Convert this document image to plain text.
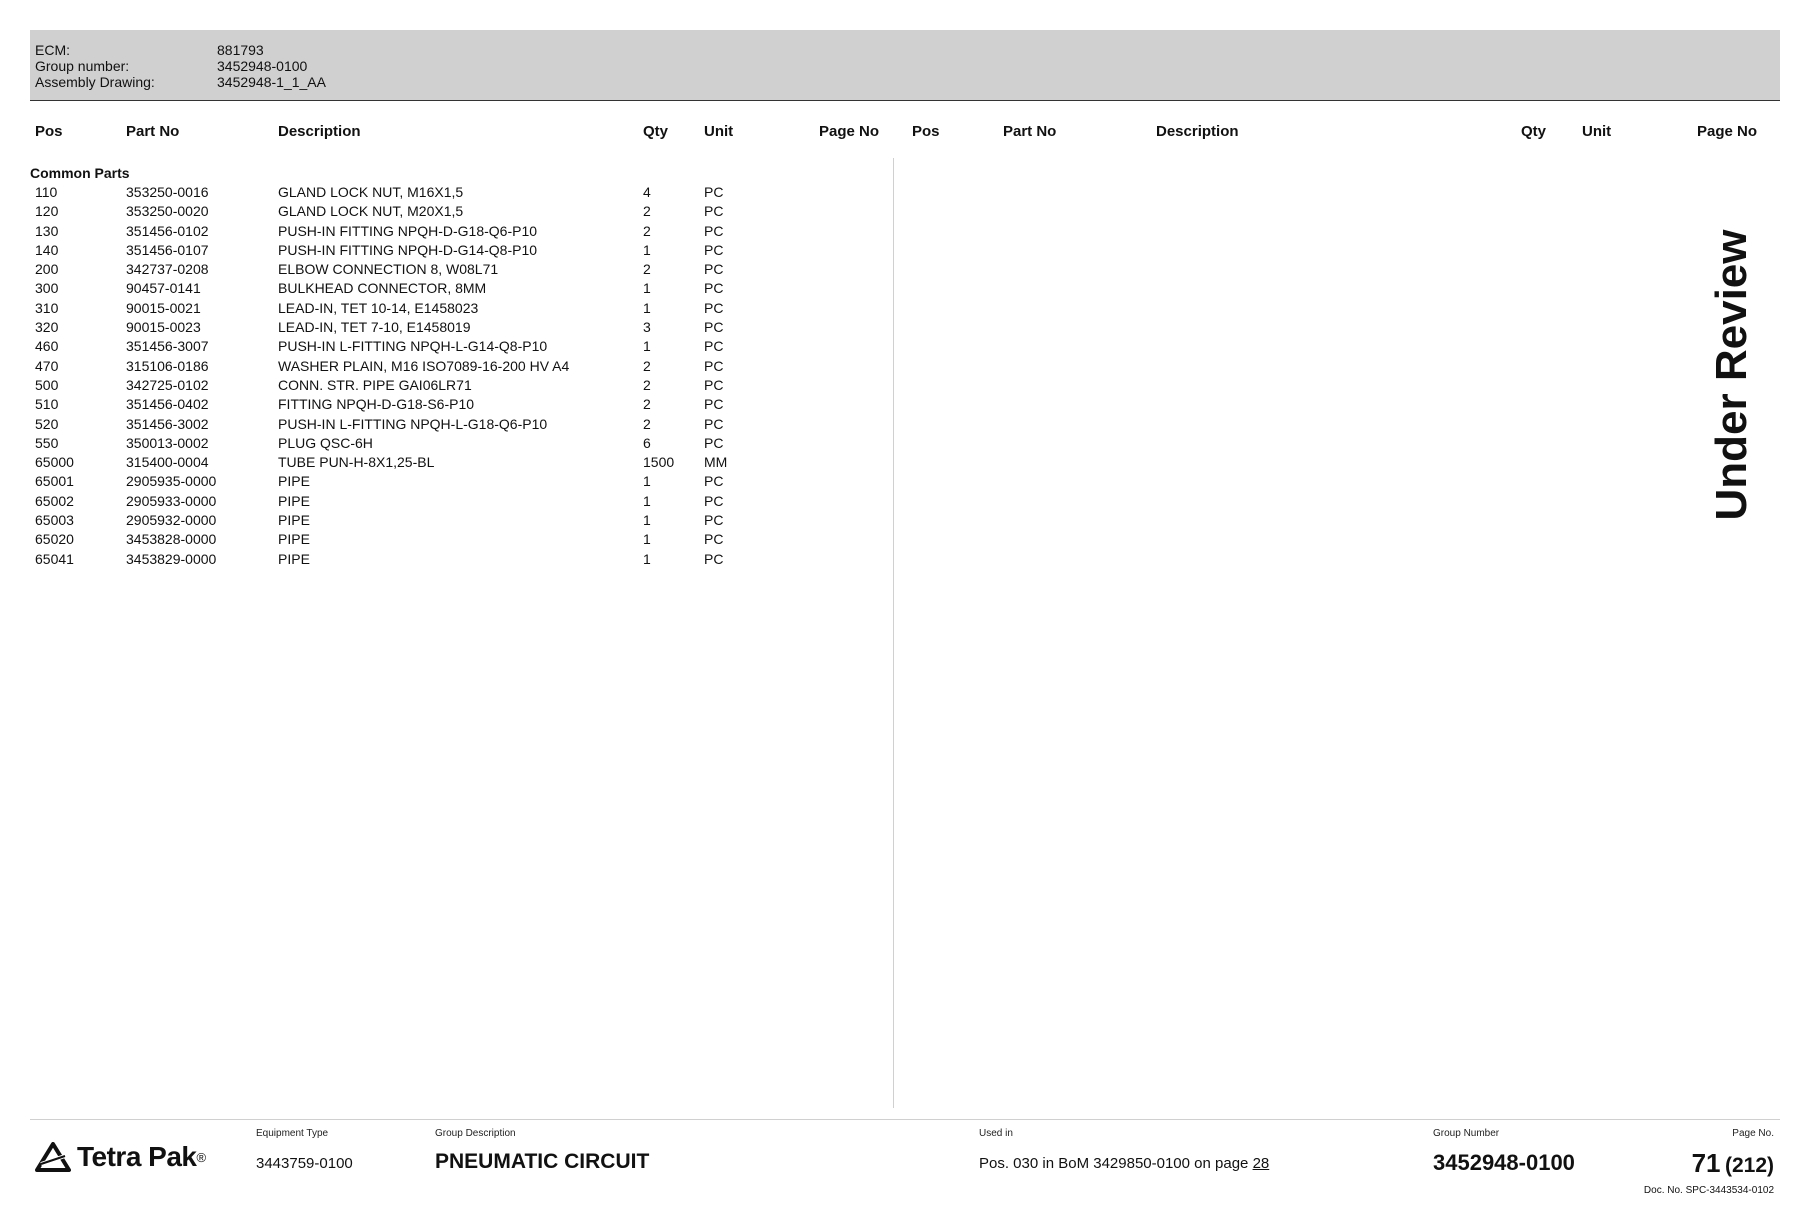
ECM:	881793
Group number:	3452948-0100
Assembly Drawing:	3452948-1_1_AA
Pos	Part No	Description	Qty Unit	Page No Pos	Part No	Description	Qty Unit	Page No
Common Parts
110	353250-0016	GLAND LOCK NUT, M16X1,5	4	PC
120	353250-0020	GLAND LOCK NUT, M20X1,5	2	PC
130	351456-0102	PUSH-IN FITTING NPQH-D-G18-Q6-P10	2	PC
140	351456-0107	PUSH-IN FITTING NPQH-D-G14-Q8-P10	1	PC
200	342737-0208	ELBOW CONNECTION 8, W08L71	2	PC
300	90457-0141	BULKHEAD CONNECTOR, 8MM	1	PC
310	90015-0021	LEAD-IN, TET 10-14, E1458023	1	PC
320	90015-0023	LEAD-IN, TET 7-10, E1458019	3	PC
460	351456-3007	PUSH-IN L-FITTING NPQH-L-G14-Q8-P10	1	PC
470	315106-0186	WASHER PLAIN, M16 ISO7089-16-200 HV A4	2	PC
500	342725-0102	CONN. STR. PIPE GAI06LR71	2	PC
510	351456-0402	FITTING NPQH-D-G18-S6-P10	2	PC
520	351456-3002	PUSH-IN L-FITTING NPQH-L-G18-Q6-P10	2	PC
550	350013-0002	PLUG QSC-6H	6	PC
65000	315400-0004	TUBE PUN-H-8X1,25-BL	1500 MM
65001	2905935-0000	PIPE	1	PC
65002	2905933-0000	PIPE	1	PC
65003	2905932-0000	PIPE	1	PC
65020	3453828-0000	PIPE	1	PC
65041	3453829-0000	PIPE	1	PC
Under Review
Tetra Pak ®
Equipment Type
3443759-0100
Group Description
PNEUMATIC CIRCUIT
Used in
Pos. 030 in BoM 3429850-0100 on page 28
Group Number
3452948-0100
Page No.
71 (212)
Doc. No. SPC-3443534-0102
